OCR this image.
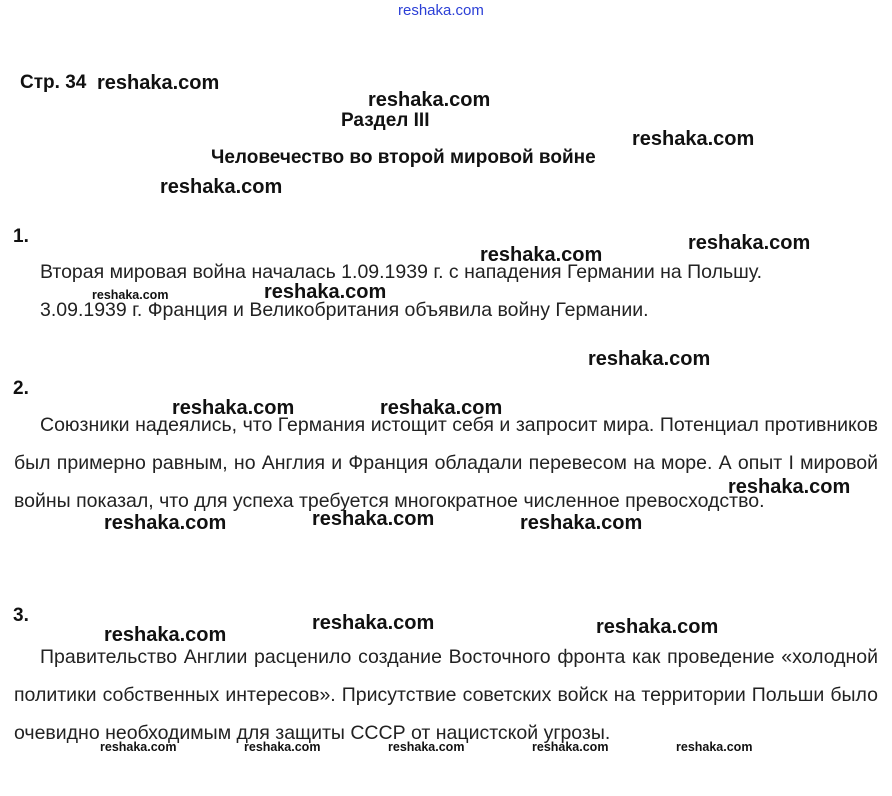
reshaka.com
Стр. 34
Раздел III
Человечество во второй мировой войне
1.
Вторая мировая война началась 1.09.1939 г. с нападения Германии на Польшу.
3.09.1939 г. Франция и Великобритания объявила войну Германии.
2.
Союзники надеялись, что Германия истощит себя и запросит мира. Потенциал противников был примерно равным, но Англия и Франция обладали перевесом на море. А опыт I мировой войны показал, что для успеха требуется многократное численное превосходство.
3.
Правительство Англии расценило создание Восточного фронта как проведение «холодной политики собственных интересов». Присутствие советских войск на территории Польши было очевидно необходимым для защиты СССР от нацистской угрозы.
reshaka.com
reshaka.com
reshaka.com
reshaka.com
reshaka.com
reshaka.com
reshaka.com
reshaka.com
reshaka.com
reshaka.com	reshaka.com
reshaka.com
reshaka.com
reshaka.com	reshaka.com
reshaka.com	reshaka.com
reshaka.com
reshaka.com	reshaka.com	reshaka.com	reshaka.com	reshaka.com
